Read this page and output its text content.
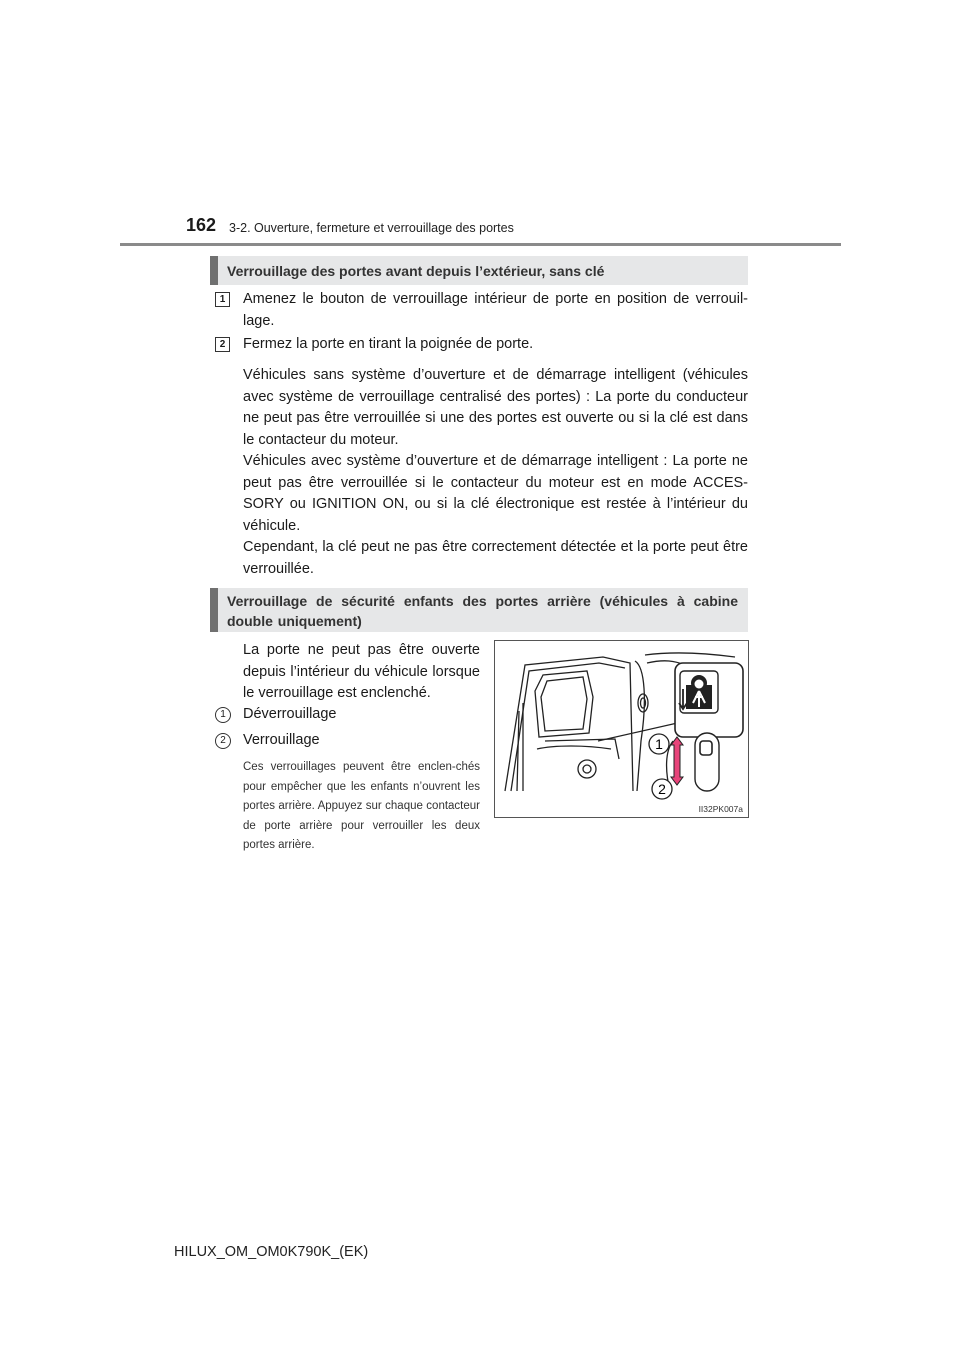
162 3-2. Ouverture, fermeture et verrouillage des portes
Verrouillage des portes avant depuis l’extérieur, sans clé
1	Amenez le bouton de verrouillage intérieur de porte en position de verrouil-lage.
2	Fermez la porte en tirant la poignée de porte.
Véhicules sans système d’ouverture et de démarrage intelligent (véhicules avec système de verrouillage centralisé des portes) : La porte du conducteur ne peut pas être verrouillée si une des portes est ouverte ou si la clé est dans le contacteur du moteur.
Véhicules avec système d’ouverture et de démarrage intelligent : La porte ne peut pas être verrouillée si le contacteur du moteur est en mode ACCES-SORY ou IGNITION ON, ou si la clé électronique est restée à l’intérieur du véhicule.
Cependant, la clé peut ne pas être correctement détectée et la porte peut être verrouillée.
Verrouillage de sécurité enfants des portes arrière (véhicules à cabine double uniquement)
La porte ne peut pas être ouverte depuis l’intérieur du véhicule lorsque le verrouillage est enclenché.
1	Déverrouillage
2	Verrouillage
Ces verrouillages peuvent être enclen-chés pour empêcher que les enfants n’ouvrent les portes arrière. Appuyez sur chaque contacteur de porte arrière pour verrouiller les deux portes arrière.
1
2
II32PK007a
HILUX_OM_OM0K790K_(EK)
